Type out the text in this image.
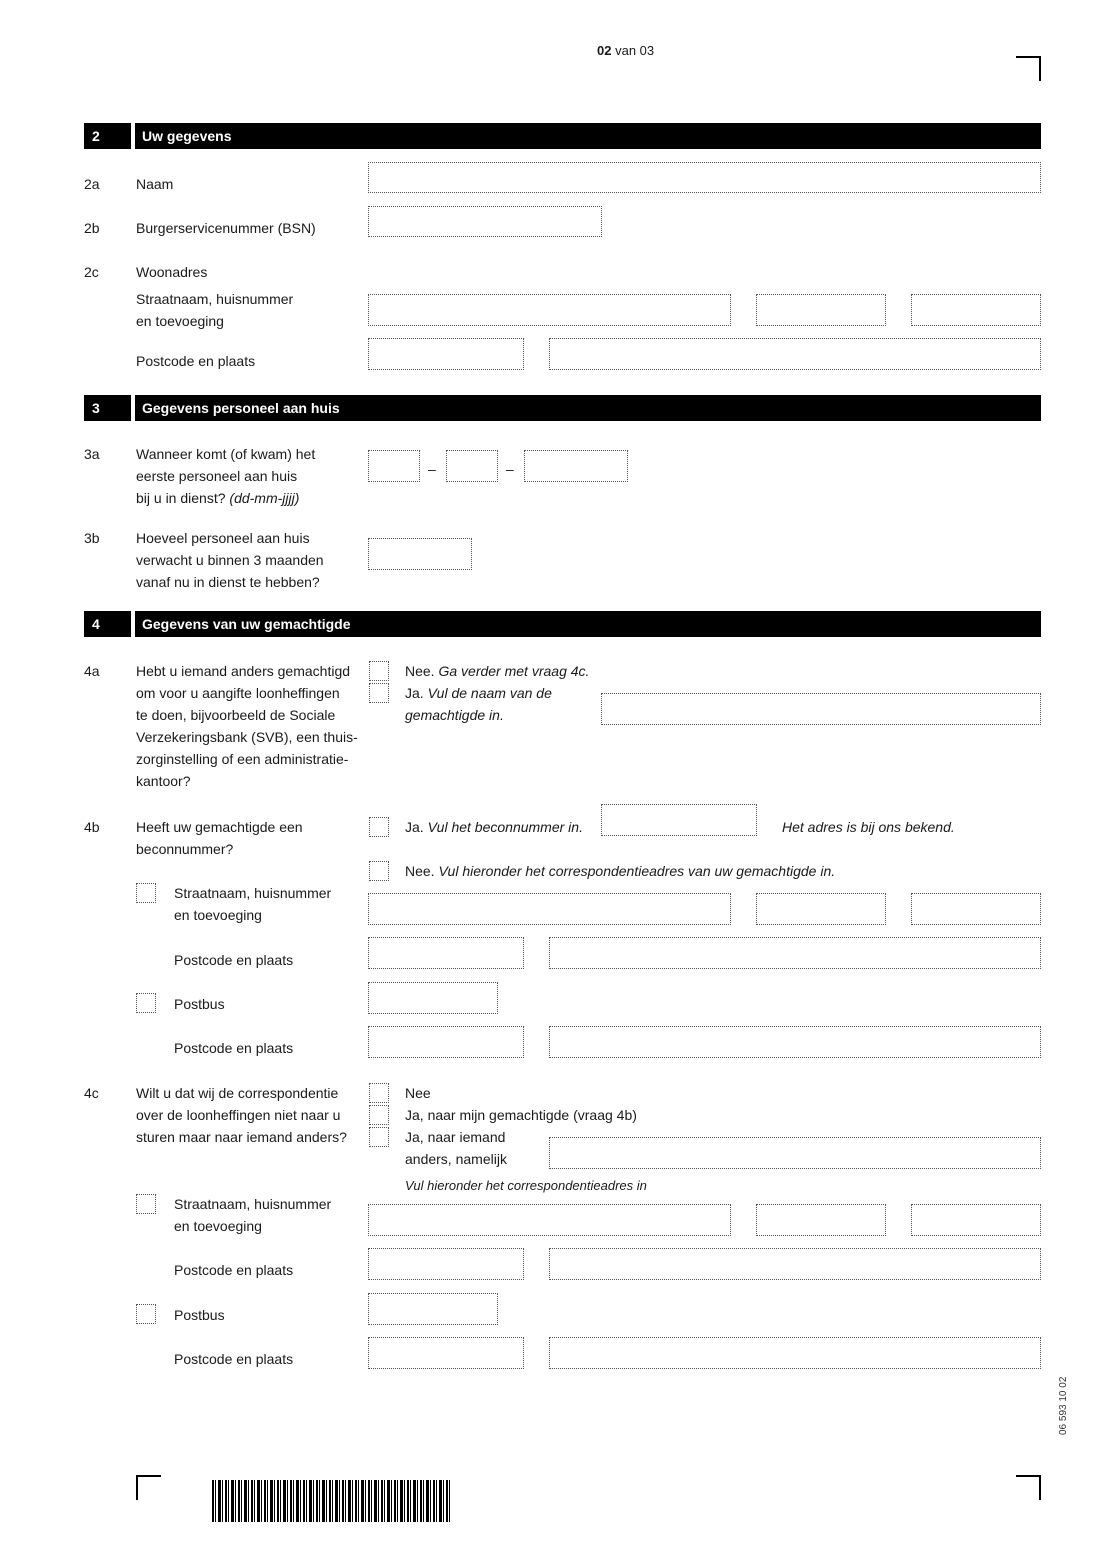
02 van 03
2	Uw gegevens
2a	Naam
2b	Burgerservicenummer (BSN)
2c	Woonadres
Straatnaam, huisnummer
en toevoeging
Postcode en plaats
3	Gegevens personeel aan huis
3a	Wanneer komt (of kwam) het
eerste personeel aan huis
bij u in dienst? (dd-mm-jjjj)
–	–
3b	Hoeveel personeel aan huis
verwacht u binnen 3 maanden
vanaf nu in dienst te hebben?
4	Gegevens van uw gemachtigde
4a	Hebt u iemand anders gemachtigd
om voor u aangifte loonheffingen
te doen, bijvoorbeeld de Sociale
Verzekeringsbank (SVB), een thuis-
zorginstelling of een administratie-
kantoor?
Nee. Ga verder met vraag 4c.
Ja. Vul de naam van de
gemachtigde in.
4b	Heeft uw gemachtigde een
beconnummer?
Ja. Vul het beconnummer in.	Het adres is bij ons bekend.
Nee. Vul hieronder het correspondentieadres van uw gemachtigde in.
Straatnaam, huisnummer
en toevoeging
Postcode en plaats
Postbus
Postcode en plaats
4c	Wilt u dat wij de correspondentie
over de loonheffingen niet naar u
sturen maar naar iemand anders?
Nee
Ja, naar mijn gemachtigde (vraag 4b)
Ja, naar iemand
anders, namelijk
Vul hieronder het correspondentieadres in
Straatnaam, huisnummer
en toevoeging
Postcode en plaats
Postbus
Postcode en plaats
06 593 10 02
